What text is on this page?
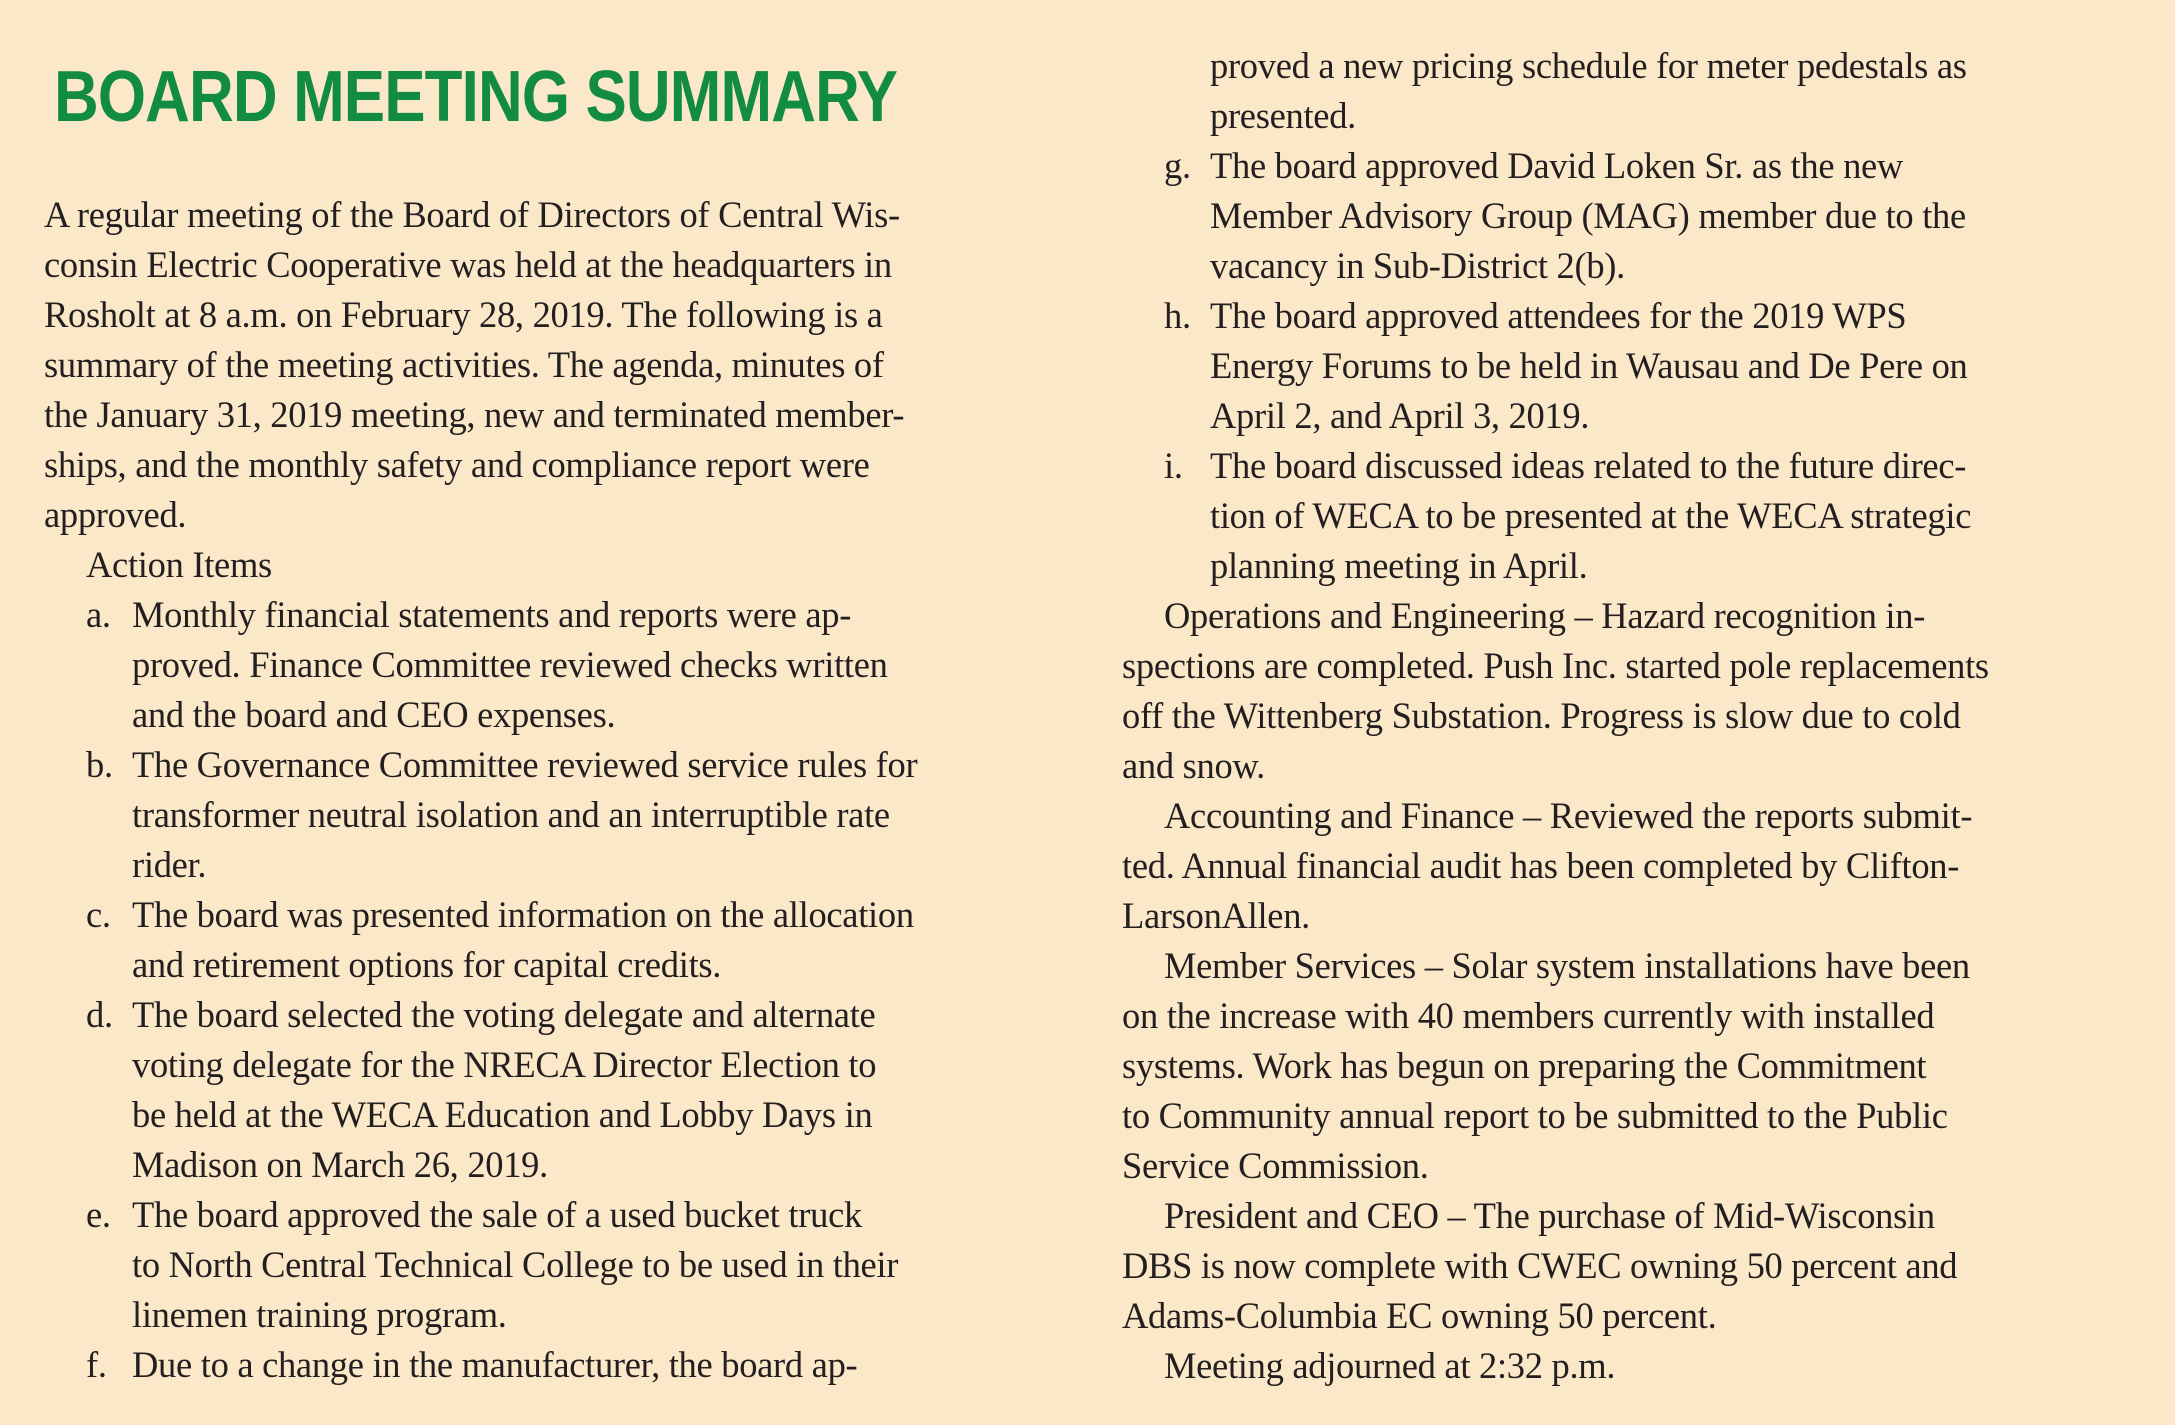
BOARD MEETING SUMMARY
A regular meeting of the Board of Directors of Central Wis-
consin Electric Cooperative was held at the headquarters in
Rosholt at 8 a.m. on February 28, 2019. The following is a
summary of the meeting activities. The agenda, minutes of
the January 31, 2019 meeting, new and terminated member-
ships, and the monthly safety and compliance report were
approved.
Action Items
a. Monthly financial statements and reports were ap-
proved. Finance Committee reviewed checks written
and the board and CEO expenses.
b. The Governance Committee reviewed service rules for
transformer neutral isolation and an interruptible rate
rider.
c. The board was presented information on the allocation
and retirement options for capital credits.
d. The board selected the voting delegate and alternate
voting delegate for the NRECA Director Election to
be held at the WECA Education and Lobby Days in
Madison on March 26, 2019.
e. The board approved the sale of a used bucket truck
to North Central Technical College to be used in their
linemen training program.
f. Due to a change in the manufacturer, the board ap-
proved a new pricing schedule for meter pedestals as
presented.
g. The board approved David Loken Sr. as the new
Member Advisory Group (MAG) member due to the
vacancy in Sub-District 2(b).
h. The board approved attendees for the 2019 WPS
Energy Forums to be held in Wausau and De Pere on
April 2, and April 3, 2019.
i. The board discussed ideas related to the future direc-
tion of WECA to be presented at the WECA strategic
planning meeting in April.
Operations and Engineering – Hazard recognition in-
spections are completed. Push Inc. started pole replacements
off the Wittenberg Substation. Progress is slow due to cold
and snow.
Accounting and Finance – Reviewed the reports submit-
ted. Annual financial audit has been completed by Clifton-
LarsonAllen.
Member Services – Solar system installations have been
on the increase with 40 members currently with installed
systems. Work has begun on preparing the Commitment
to Community annual report to be submitted to the Public
Service Commission.
President and CEO – The purchase of Mid-Wisconsin
DBS is now complete with CWEC owning 50 percent and
Adams-Columbia EC owning 50 percent.
Meeting adjourned at 2:32 p.m.
